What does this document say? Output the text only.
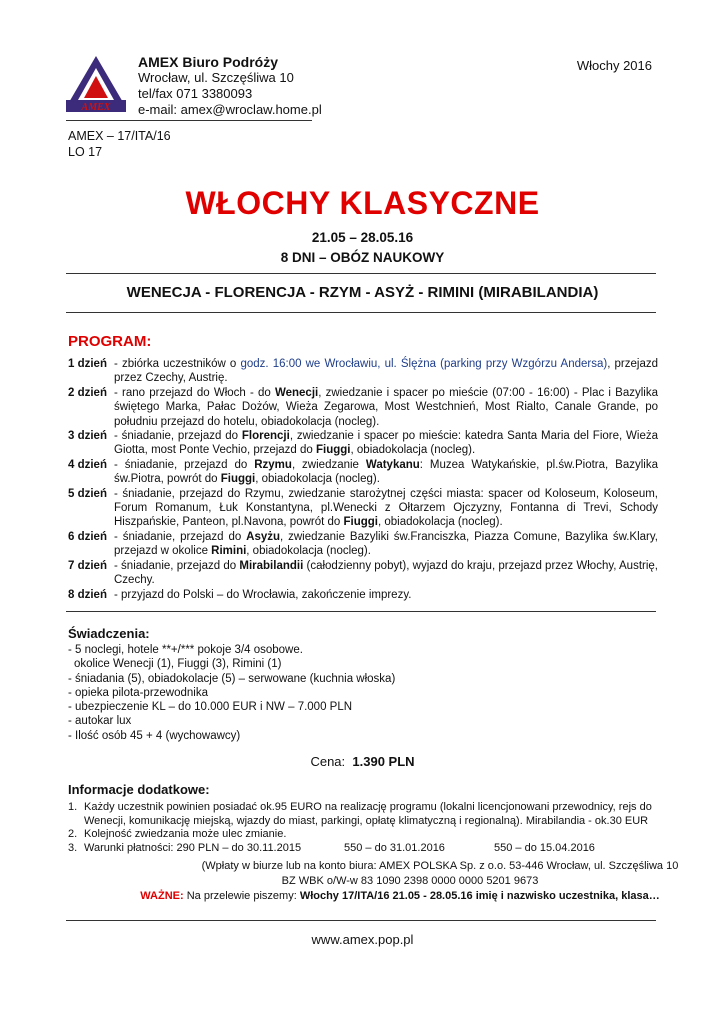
AMEX
AMEX Biuro Podróży
Wrocław, ul. Szczęśliwa 10
tel/fax 071 3380093
e-mail: amex@wroclaw.home.pl
Włochy 2016
AMEX – 17/ITA/16
LO 17
WŁOCHY KLASYCZNE
21.05 – 28.05.16
8 DNI – OBÓZ NAUKOWY
WENECJA - FLORENCJA - RZYM - ASYŻ - RIMINI (MIRABILANDIA)
PROGRAM:
1 dzień - zbiórka uczestników o godz. 16:00 we Wrocławiu, ul. Ślężna (parking przy Wzgórzu Andersa), przejazd przez Czechy, Austrię.
2 dzień - rano przejazd do Włoch - do Wenecji, zwiedzanie i spacer po mieście (07:00 - 16:00) - Plac i Bazylika świętego Marka, Pałac Dożów, Wieża Zegarowa, Most Westchnień, Most Rialto, Canale Grande, po południu przejazd do hotelu, obiadokolacja (nocleg).
3 dzień - śniadanie, przejazd do Florencji, zwiedzanie i spacer po mieście: katedra Santa Maria del Fiore, Wieża Giotta, most Ponte Vechio, przejazd do Fiuggi, obiadokolacja (nocleg).
4 dzień - śniadanie, przejazd do Rzymu, zwiedzanie Watykanu: Muzea Watykańskie, pl.św.Piotra, Bazylika św.Piotra, powrót do Fiuggi, obiadokolacja (nocleg).
5 dzień - śniadanie, przejazd do Rzymu, zwiedzanie starożytnej części miasta: spacer od Koloseum, Koloseum, Forum Romanum, Łuk Konstantyna, pl.Wenecki z Ołtarzem Ojczyzny, Fontanna di Trevi, Schody Hiszpańskie, Panteon, pl.Navona, powrót do Fiuggi, obiadokolacja (nocleg).
6 dzień - śniadanie, przejazd do Asyżu, zwiedzanie Bazyliki św.Franciszka, Piazza Comune, Bazylika św.Klary, przejazd w okolice Rimini, obiadokolacja (nocleg).
7 dzień - śniadanie, przejazd do Mirabilandii (całodzienny pobyt), wyjazd do kraju, przejazd przez Włochy, Austrię, Czechy.
8 dzień - przyjazd do Polski – do Wrocławia, zakończenie imprezy.
Świadczenia:
- 5 noclegi, hotele **+/*** pokoje 3/4 osobowe.
okolice Wenecji (1), Fiuggi (3), Rimini (1)
- śniadania (5), obiadokolacje (5) – serwowane (kuchnia włoska)
- opieka pilota-przewodnika
- ubezpieczenie KL – do 10.000 EUR i NW – 7.000 PLN
- autokar lux
- Ilość osób 45 + 4 (wychowawcy)
Cena: 1.390 PLN
Informacje dodatkowe:
1. Każdy uczestnik powinien posiadać ok.95 EURO na realizację programu (lokalni licencjonowani przewodnicy, rejs do Wenecji, komunikację miejską, wjazdy do miast, parkingi, opłatę klimatyczną i regionalną). Mirabilandia - ok.30 EUR
2. Kolejność zwiedzania może ulec zmianie.
3. Warunki płatności: 290 PLN – do 30.11.2015	550 – do 31.01.2016	550 – do 15.04.2016
(Wpłaty w biurze lub na konto biura: AMEX POLSKA Sp. z o.o. 53-446 Wrocław, ul. Szczęśliwa 10
BZ WBK o/W-w 83 1090 2398 0000 0000 5201 9673
WAŻNE: Na przelewie piszemy: Włochy 17/ITA/16 21.05 - 28.05.16 imię i nazwisko uczestnika, klasa…
www.amex.pop.pl
